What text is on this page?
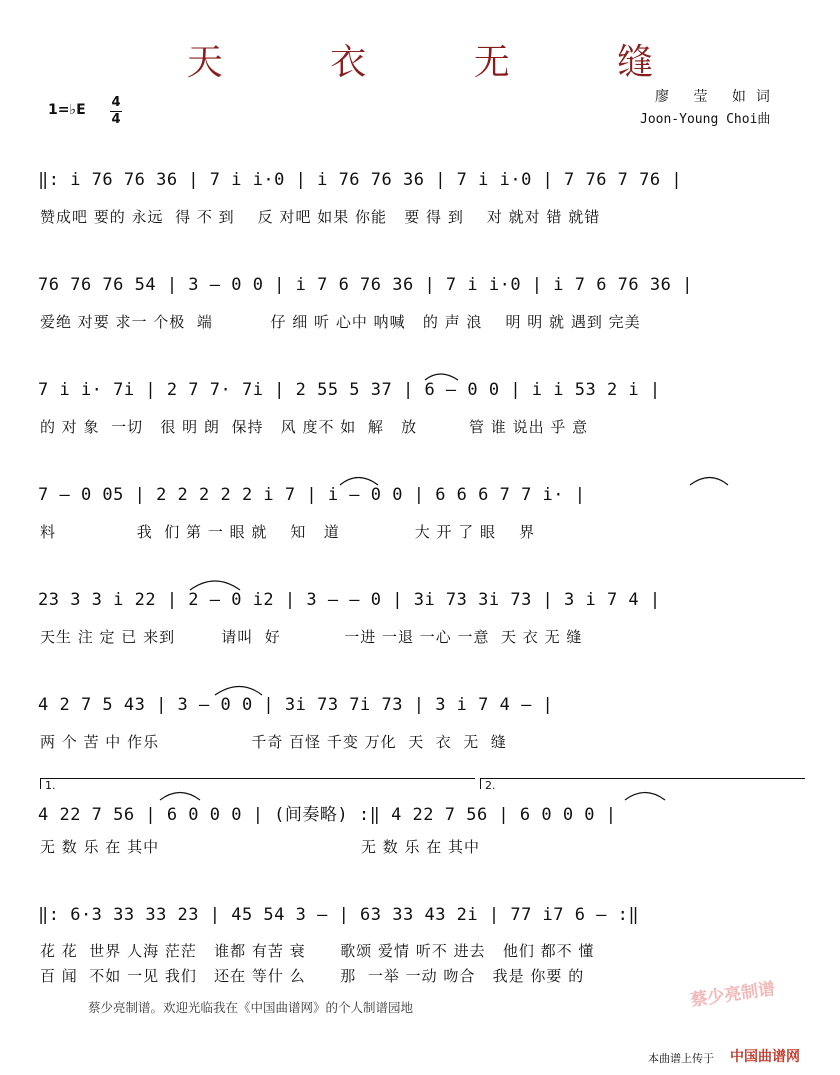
天 衣 无 缝
1=♭E 4
4
廖 莹 如词
Joon-Young Choi曲
‖: i 76 76 36 | 7 i i·0 | i 76 76 36 | 7 i i·0 | 7 76 7 76 |
赞成吧 要的 永远  得 不 到    反 对吧 如果 你能   要 得 到    对 就对 错 就错
76 76 76 54 | 3 — 0 0 | i 7 6 76 36 | 7 i i·0 | i 7 6 76 36 |
爱绝 对要 求一 个极  端          仔 细 听 心中 呐喊   的 声 浪    明 明 就 遇到 完美
7 i i· 7i | 2 7 7· 7i | 2 55 5 37 | 6 — 0 0 | i i 53 2 i |
的 对 象  一切   很 明 朗  保持   风 度不 如  解   放         管 谁 说出 乎 意
7 — 0 05 | 2 2 2 2 2 i 7 | i — 0 0 | 6 6 6 7 7 i· |
料              我  们 第 一 眼 就    知   道             大 开 了 眼    界
23 3 3 i 22 | 2 — 0 i2 | 3 — — 0 | 3i 73 3i 73 | 3 i 7 4 |
天生 注 定 已 来到        请叫  好           一进 一退 一心 一意  天 衣 无 缝
4 2 7 5 43 | 3 — 0 0 | 3i 73 7i 73 | 3 i 7 4 — |
两 个 苦 中 作乐                千奇 百怪 千变 万化  天  衣  无  缝
1.	2.
4 22 7 56 | 6 0 0 0 | (间奏略) :‖ 4 22 7 56 | 6 0 0 0 |
无 数 乐 在 其中                                   无 数 乐 在 其中
‖: 6·3 33 33 23 | 45 54 3 — | 63 33 43 2i | 77 i7 6 — :‖
花 花  世界 人海 茫茫   谁都 有苦 衰      歌颂 爱情 听不 进去   他们 都不 懂
百 闻  不如 一见 我们   还在 等什 么      那  一举 一动 吻合   我是 你要 的
蔡少亮制谱。欢迎光临我在《中国曲谱网》的个人制谱园地	蔡少亮制谱
本曲谱上传于 中国曲谱网
